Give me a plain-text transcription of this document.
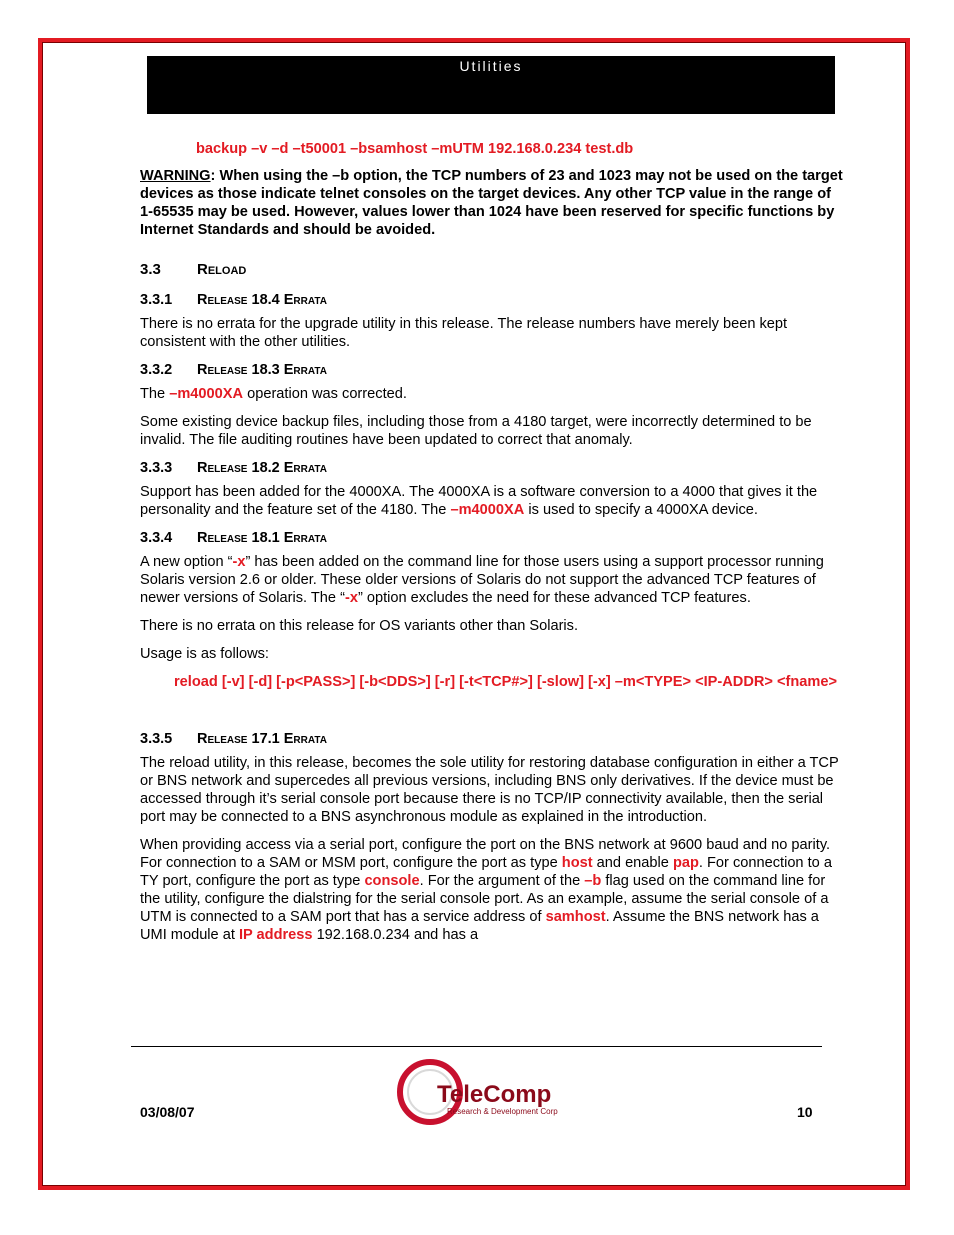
Utilities
backup –v –d –t50001 –bsamhost –mUTM 192.168.0.234 test.db
WARNING: When using the –b option, the TCP numbers of 23 and 1023 may not be used on the target devices as those indicate telnet consoles on the target devices. Any other TCP value in the range of 1-65535 may be used. However, values lower than 1024 have been reserved for specific functions by Internet Standards and should be avoided.
3.3 Reload
3.3.1 Release 18.4 Errata

There is no errata for the upgrade utility in this release. The release numbers have merely been kept consistent with the other utilities.

3.3.2 Release 18.3 Errata

The –m4000XA operation was corrected.

Some existing device backup files, including those from a 4180 target, were incorrectly determined to be invalid. The file auditing routines have been updated to correct that anomaly.

3.3.3 Release 18.2 Errata

Support has been added for the 4000XA. The 4000XA is a software conversion to a 4000 that gives it the personality and the feature set of the 4180. The –m4000XA is used to specify a 4000XA device.

3.3.4 Release 18.1 Errata

A new option “-x” has been added on the command line for those users using a support processor running Solaris version 2.6 or older. These older versions of Solaris do not support the advanced TCP features of newer versions of Solaris. The “-x” option excludes the need for these advanced TCP features.

There is no errata on this release for OS variants other than Solaris.

Usage is as follows:

reload [-v] [-d] [-p<PASS>] [-b<DDS>] [-r] [-t<TCP#>] [-slow] [-x] –m<TYPE> <IP-ADDR> <fname>
3.3.5 Release 17.1 Errata

The reload utility, in this release, becomes the sole utility for restoring database configuration in either a TCP or BNS network and supercedes all previous versions, including BNS only derivatives. If the device must be accessed through it’s serial console port because there is no TCP/IP connectivity available, then the serial port may be connected to a BNS asynchronous module as explained in the introduction.

When providing access via a serial port, configure the port on the BNS network at 9600 baud and no parity. For connection to a SAM or MSM port, configure the port as type host and enable pap. For connection to a TY port, configure the port as type console. For the argument of the –b flag used on the command line for the utility, configure the dialstring for the serial console port. As an example, assume the serial console of a UTM is connected to a SAM port that has a service address of samhost. Assume the BNS network has a UMI module at IP address 192.168.0.234 and has a

03/08/07	10
TeleComp
Research & Development Corp
